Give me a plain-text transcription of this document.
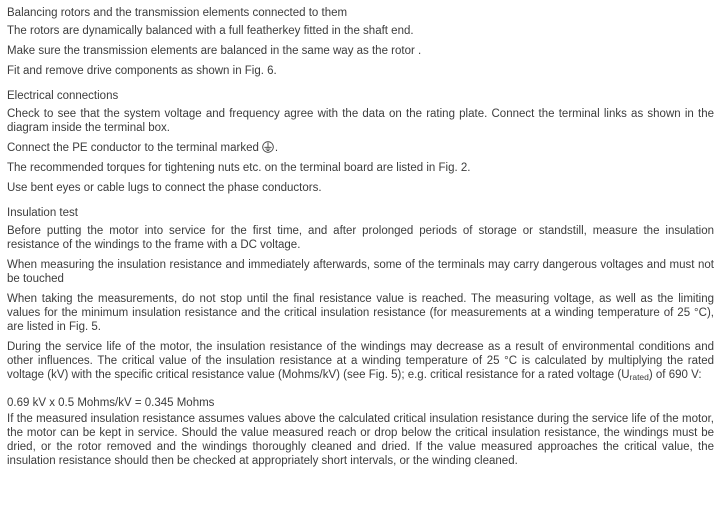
Balancing rotors and the transmission elements connected to them

The rotors are dynamically balanced with a full featherkey fitted in the shaft end.

Make sure the transmission elements are balanced in the same way as the rotor .

Fit and remove drive components as shown in Fig. 6.

Electrical connections

Check to see that the system voltage and frequency agree with the data on the rating plate. Connect the terminal links as shown in the diagram inside the terminal box.

Connect the PE conductor to the terminal marked .

The recommended torques for tightening nuts etc. on the terminal board are listed in Fig. 2.

Use bent eyes or cable lugs to connect the phase conductors.

Insulation test

Before putting the motor into service for the first time, and after prolonged periods of storage or standstill, measure the insulation resistance of the windings to the frame with a DC voltage.

When measuring the insulation resistance and immediately afterwards, some of the terminals may carry dangerous voltages and must not be touched

When taking the measurements, do not stop until the final resistance value is reached. The measuring voltage, as well as the limiting values for the minimum insulation resistance and the critical insulation resistance (for measurements at a winding temperature of 25 °C), are listed in Fig. 5.

During the service life of the motor, the insulation resistance of the windings may decrease as a result of environmental conditions and other influences. The critical value of the insulation resistance at a winding temperature of 25 °C is calculated by multiplying the rated voltage (kV) with the specific critical resistance value (Mohms/kV) (see Fig. 5); e.g. critical resistance for a rated voltage $(U_{rated})$ of 690 V:

0.69 kV x 0.5 Mohms/kV = 0.345 Mohms

If the measured insulation resistance assumes values above the calculated critical insulation resistance during the service life of the motor, the motor can be kept in service. Should the value measured reach or drop below the critical insulation resistance, the windings must be dried, or the rotor removed and the windings thoroughly cleaned and dried. If the value measured approaches the critical value, the insulation resistance should then be checked at appropriately short intervals, or the winding cleaned.
